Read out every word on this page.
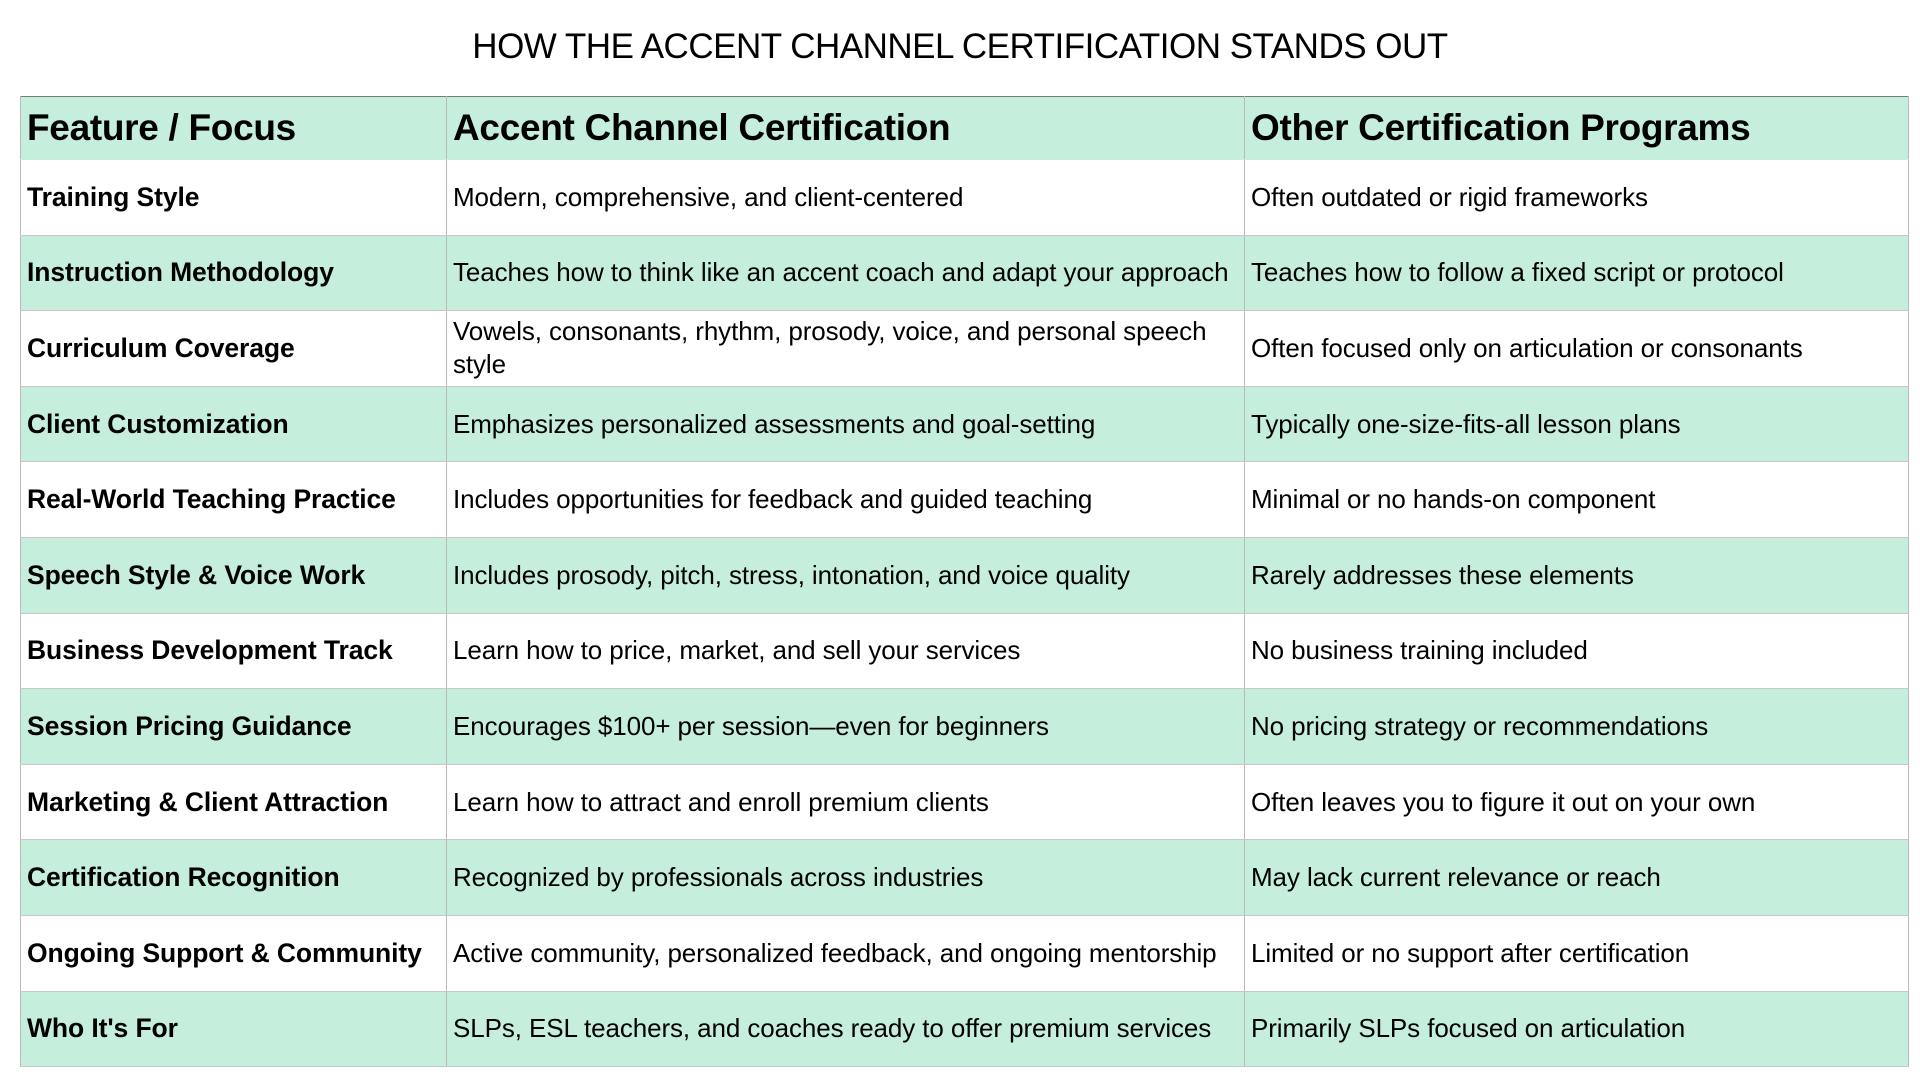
HOW THE ACCENT CHANNEL CERTIFICATION STANDS OUT
Feature / Focus	Accent Channel Certification	Other Certification Programs
Training Style	Modern, comprehensive, and client-centered	Often outdated or rigid frameworks
Instruction Methodology	Teaches how to think like an accent coach and adapt your approach	Teaches how to follow a fixed script or protocol
Curriculum Coverage	Vowels, consonants, rhythm, prosody, voice, and personal speech style	Often focused only on articulation or consonants
Client Customization	Emphasizes personalized assessments and goal-setting	Typically one-size-fits-all lesson plans
Real-World Teaching Practice	Includes opportunities for feedback and guided teaching	Minimal or no hands-on component
Speech Style & Voice Work	Includes prosody, pitch, stress, intonation, and voice quality	Rarely addresses these elements
Business Development Track	Learn how to price, market, and sell your services	No business training included
Session Pricing Guidance	Encourages $100+ per session—even for beginners	No pricing strategy or recommendations
Marketing & Client Attraction	Learn how to attract and enroll premium clients	Often leaves you to figure it out on your own
Certification Recognition	Recognized by professionals across industries	May lack current relevance or reach
Ongoing Support & Community	Active community, personalized feedback, and ongoing mentorship	Limited or no support after certification
Who It's For	SLPs, ESL teachers, and coaches ready to offer premium services	Primarily SLPs focused on articulation
